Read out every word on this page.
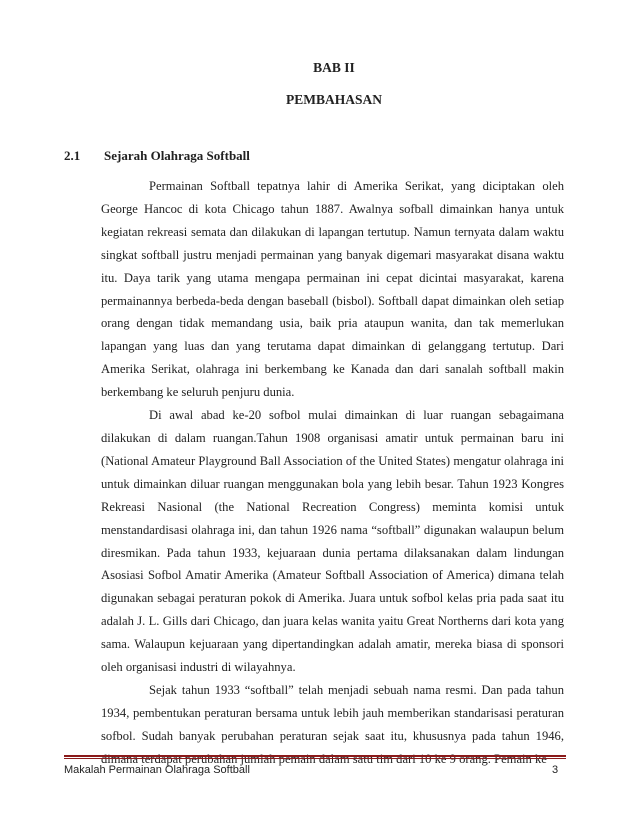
BAB II
PEMBAHASAN
2.1 Sejarah Olahraga Softball

Permainan Softball tepatnya lahir di Amerika Serikat, yang diciptakan oleh George Hancoc di kota Chicago tahun 1887. Awalnya sofball dimainkan hanya untuk kegiatan rekreasi semata dan dilakukan di lapangan tertutup. Namun ternyata dalam waktu singkat softball justru menjadi permainan yang banyak digemari masyarakat disana waktu itu. Daya tarik yang utama mengapa permainan ini cepat dicintai masyarakat, karena permainannya berbeda-beda dengan baseball (bisbol). Softball dapat dimainkan oleh setiap orang dengan tidak memandang usia, baik pria ataupun wanita, dan tak memerlukan lapangan yang luas dan yang terutama dapat dimainkan di gelanggang tertutup. Dari Amerika Serikat, olahraga ini berkembang ke Kanada dan dari sanalah softball makin berkembang ke seluruh penjuru dunia.

Di awal abad ke-20 sofbol mulai dimainkan di luar ruangan sebagaimana dilakukan di dalam ruangan.Tahun 1908 organisasi amatir untuk permainan baru ini (National Amateur Playground Ball Association of the United States) mengatur olahraga ini untuk dimainkan diluar ruangan menggunakan bola yang lebih besar. Tahun 1923 Kongres Rekreasi Nasional (the National Recreation Congress) meminta komisi untuk menstandardisasi olahraga ini, dan tahun 1926 nama “softball” digunakan walaupun belum diresmikan. Pada tahun 1933, kejuaraan dunia pertama dilaksanakan dalam lindungan Asosiasi Sofbol Amatir Amerika (Amateur Softball Association of America) dimana telah digunakan sebagai peraturan pokok di Amerika. Juara untuk sofbol kelas pria pada saat itu adalah J. L. Gills dari Chicago, dan juara kelas wanita yaitu Great Northerns dari kota yang sama. Walaupun kejuaraan yang dipertandingkan adalah amatir, mereka biasa di sponsori oleh organisasi industri di wilayahnya.

Sejak tahun 1933 “softball” telah menjadi sebuah nama resmi. Dan pada tahun 1934, pembentukan peraturan bersama untuk lebih jauh memberikan standarisasi peraturan sofbol. Sudah banyak perubahan peraturan sejak saat itu, khususnya pada tahun 1946,

Makalah Permainan Olahraga Softball	3
